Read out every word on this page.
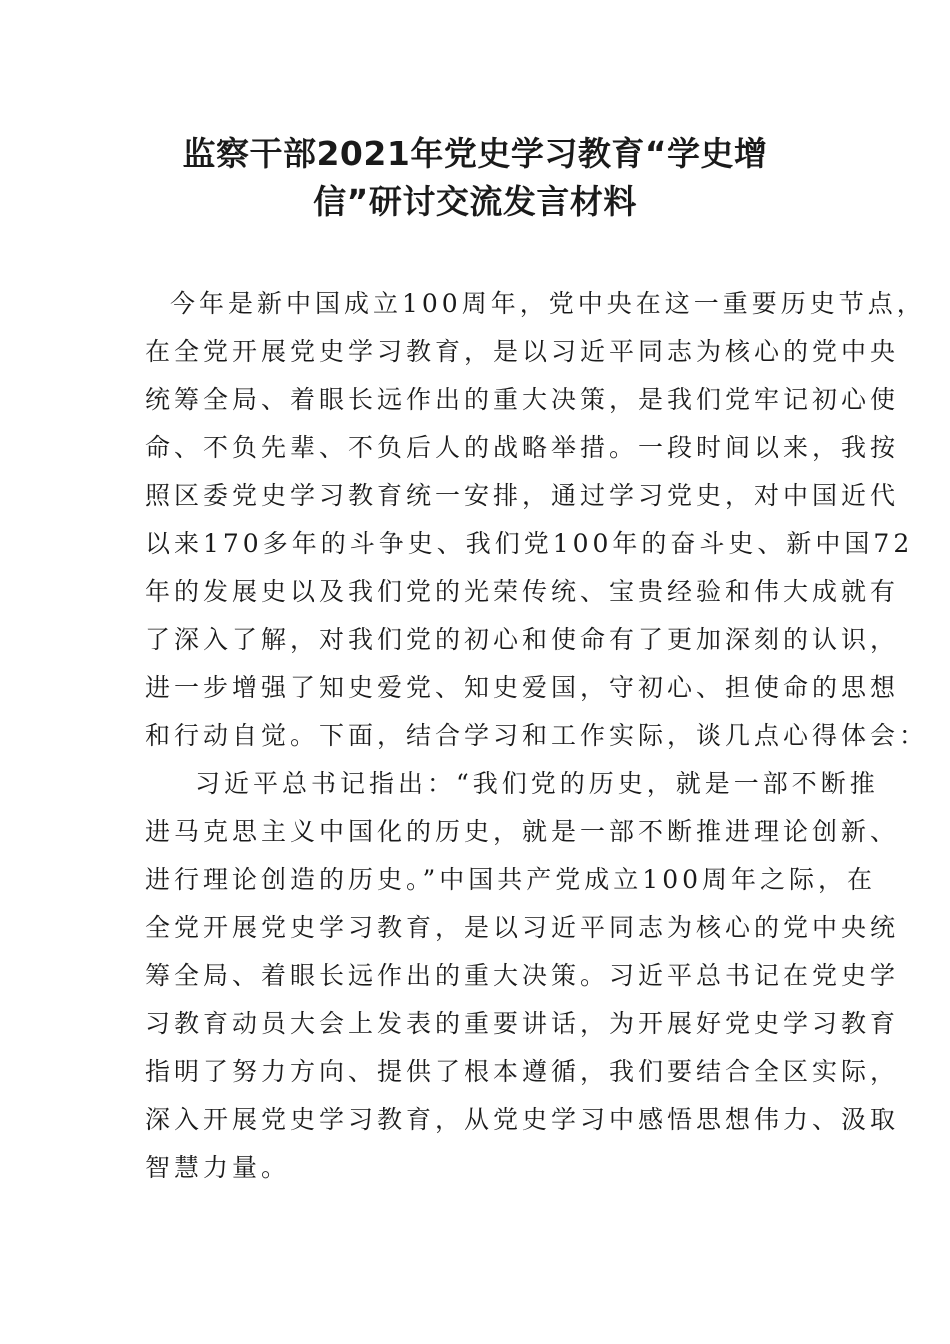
监察干部2021年党史学习教育“学史增
信”研讨交流发言材料

今年是新中国成立100周年，党中央在这一重要历史节点，

在全党开展党史学习教育，是以习近平同志为核心的党中央

统筹全局、着眼长远作出的重大决策，是我们党牢记初心使

命、不负先辈、不负后人的战略举措。一段时间以来，我按

照区委党史学习教育统一安排，通过学习党史，对中国近代

以来170多年的斗争史、我们党100年的奋斗史、新中国72

年的发展史以及我们党的光荣传统、宝贵经验和伟大成就有

了深入了解，对我们党的初心和使命有了更加深刻的认识，

进一步增强了知史爱党、知史爱国，守初心、担使命的思想

和行动自觉。下面，结合学习和工作实际，谈几点心得体会：

习近平总书记指出：“我们党的历史，就是一部不断推

进马克思主义中国化的历史，就是一部不断推进理论创新、

进行理论创造的历史。”中国共产党成立100周年之际，在

全党开展党史学习教育，是以习近平同志为核心的党中央统

筹全局、着眼长远作出的重大决策。习近平总书记在党史学

习教育动员大会上发表的重要讲话，为开展好党史学习教育

指明了努力方向、提供了根本遵循，我们要结合全区实际，

深入开展党史学习教育，从党史学习中感悟思想伟力、汲取

智慧力量。
